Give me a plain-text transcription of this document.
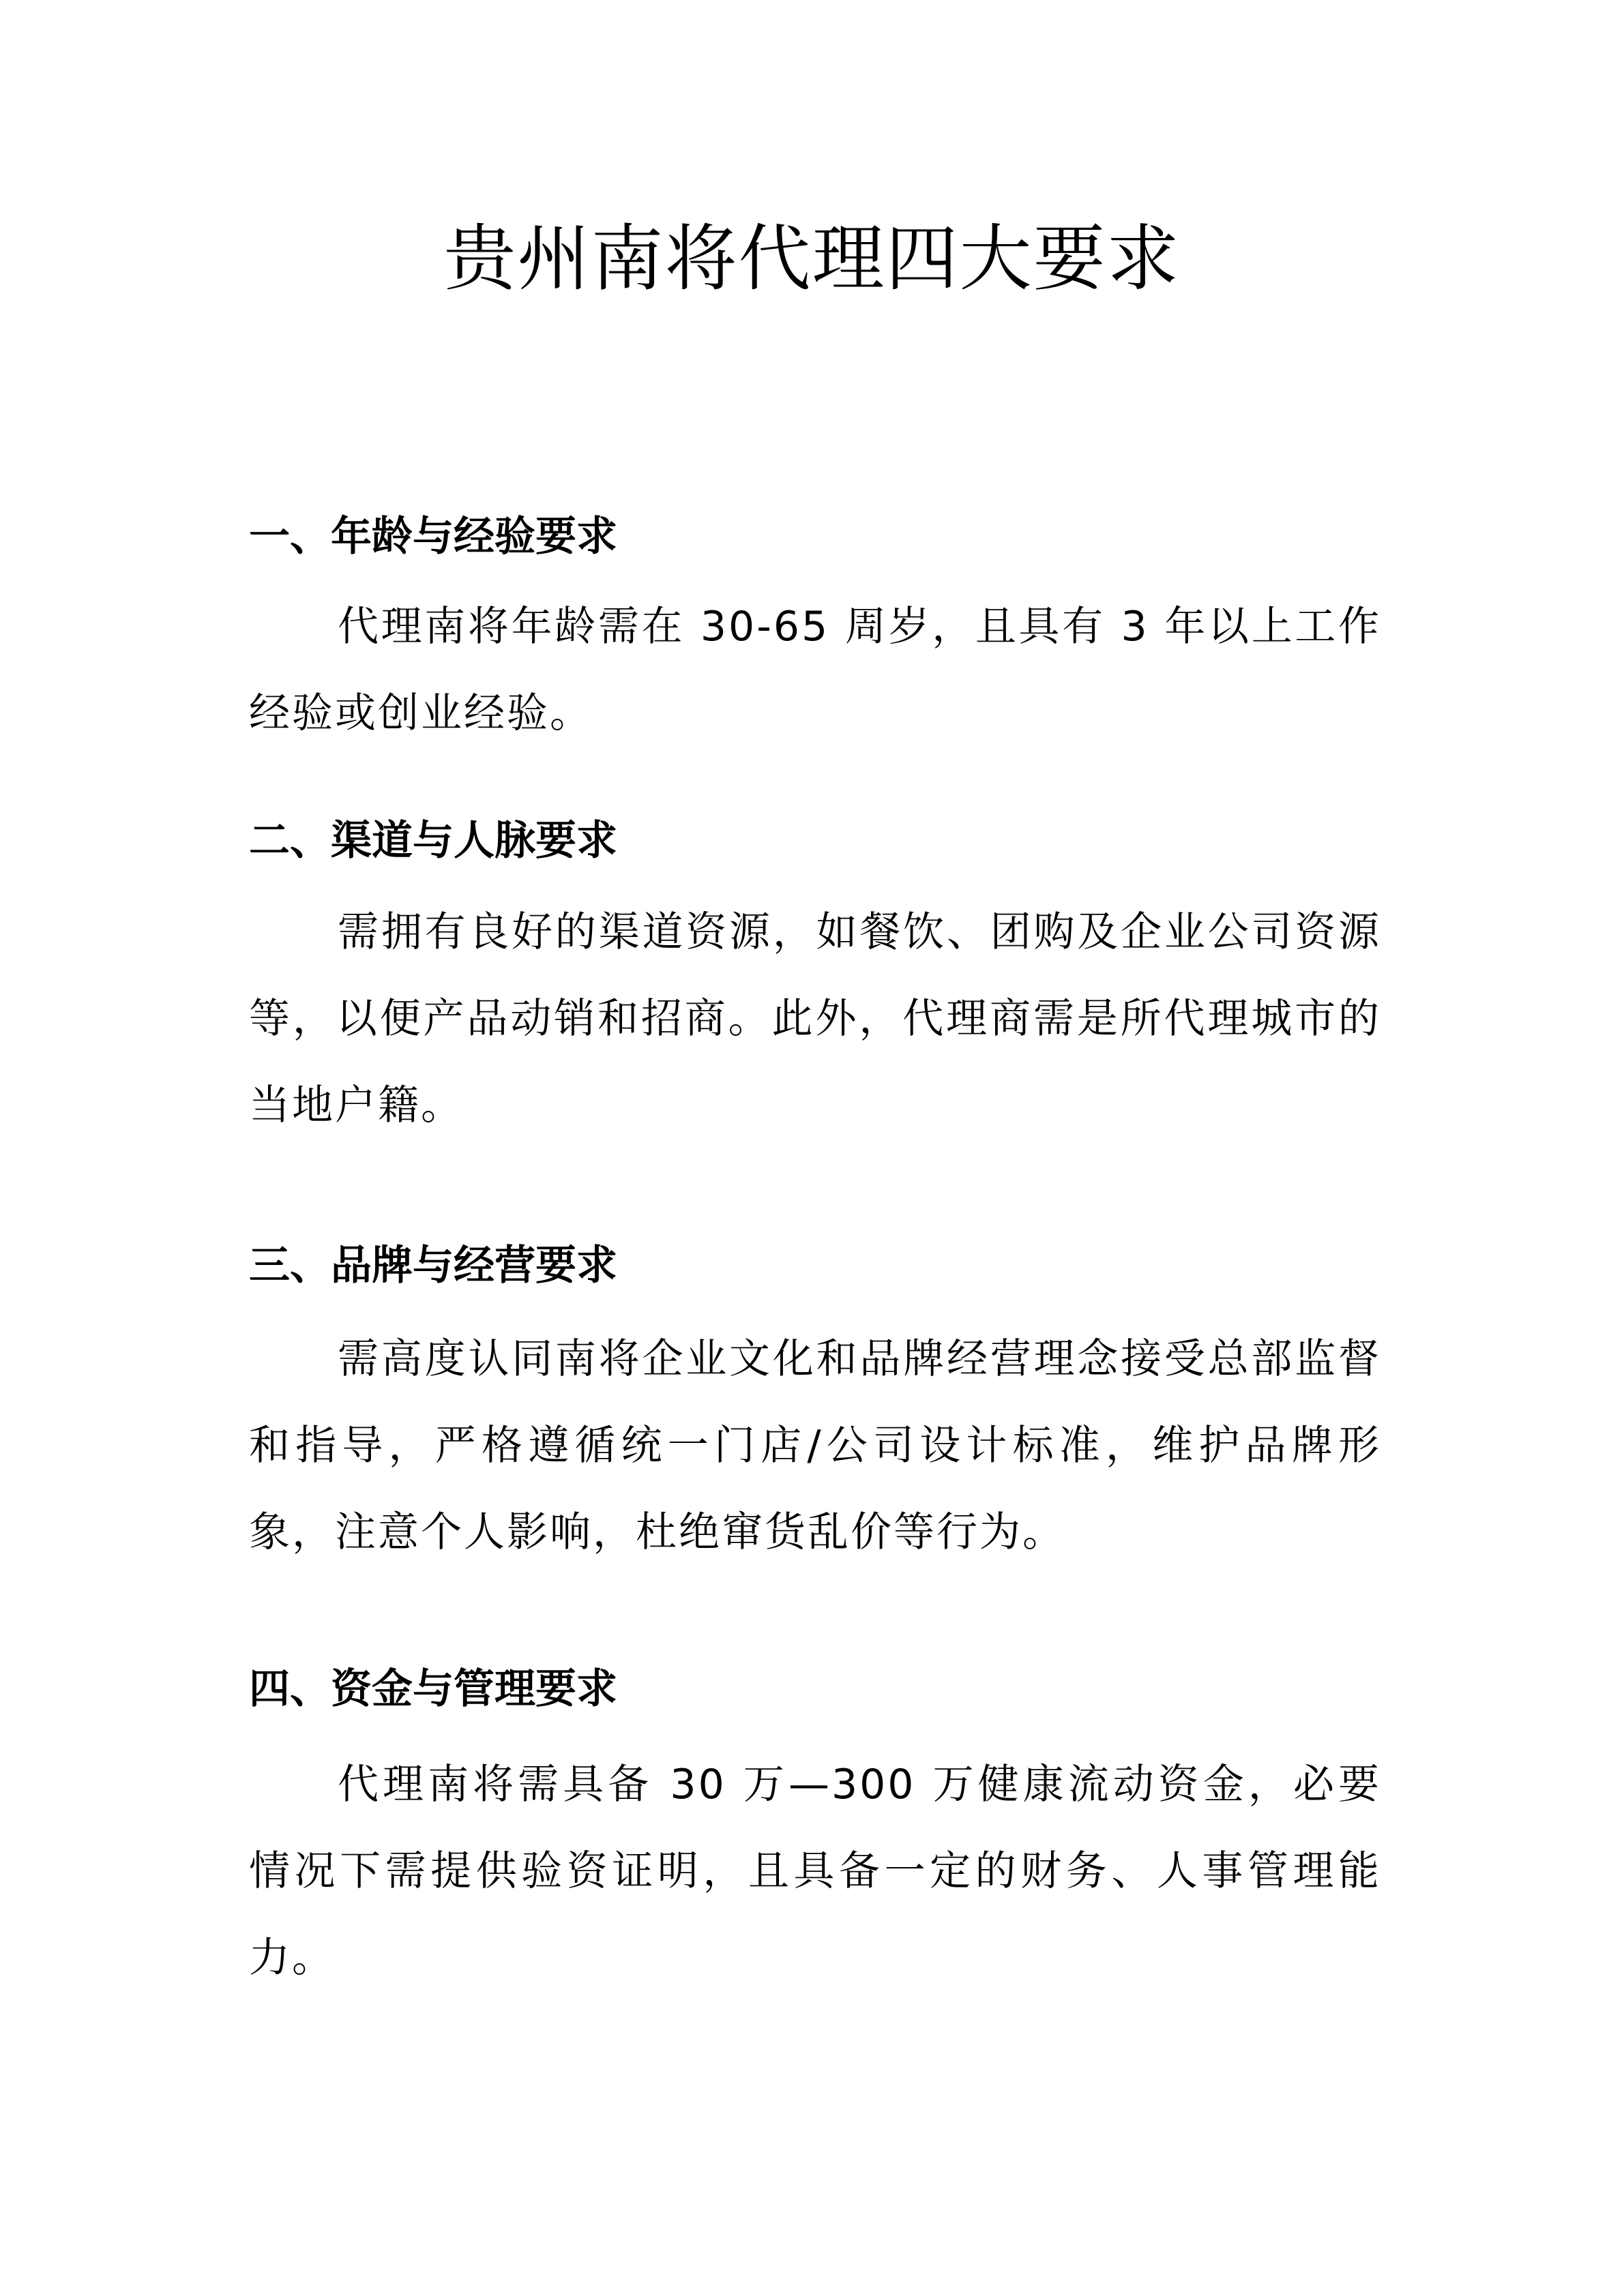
贵州南将代理四大要求
一、年龄与经验要求
代理南将年龄需在 30-65 周岁，且具有 3 年以上工作经验或创业经验。
二、渠道与人脉要求
需拥有良好的渠道资源，如餐饮、团购及企业公司资源等，以便产品动销和招商。此外，代理商需是所代理城市的当地户籍。
三、品牌与经营要求
需高度认同南将企业文化和品牌经营理念接受总部监督和指导，严格遵循统一门店/公司设计标准，维护品牌形象，注意个人影响，杜绝窜货乱价等行为。
四、资金与管理要求
代理南将需具备 30 万—300 万健康流动资金，必要情况下需提供验资证明，且具备一定的财务、人事管理能力。
